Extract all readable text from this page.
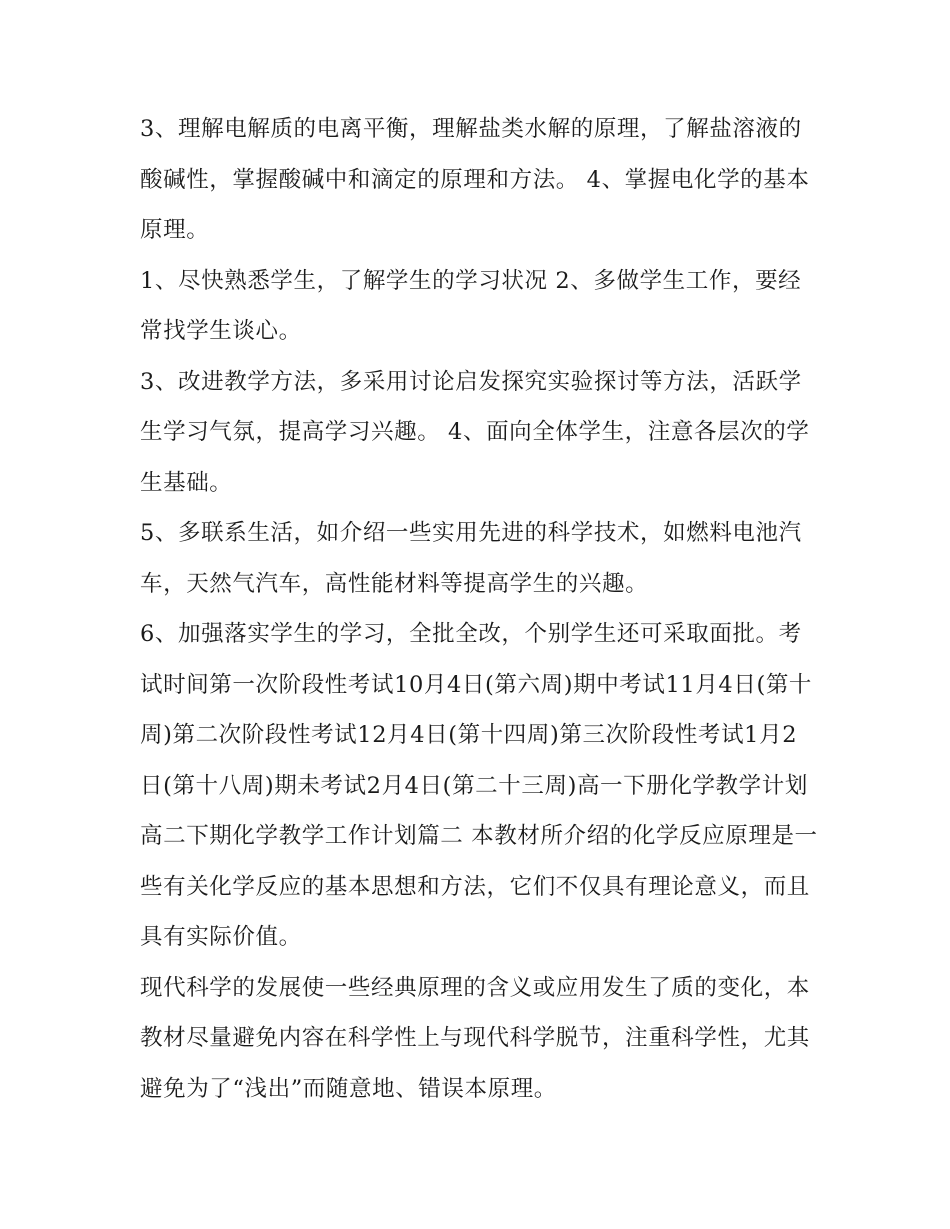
3、理解电解质的电离平衡，理解盐类水解的原理，了解盐溶液的酸碱性，掌握酸碱中和滴定的原理和方法。 4、掌握电化学的基本原理。

1、尽快熟悉学生，了解学生的学习状况 2、多做学生工作，要经常找学生谈心。

3、改进教学方法，多采用讨论启发探究实验探讨等方法，活跃学生学习气氛，提高学习兴趣。 4、面向全体学生，注意各层次的学生基础。

5、多联系生活，如介绍一些实用先进的科学技术，如燃料电池汽车，天然气汽车，高性能材料等提高学生的兴趣。

6、加强落实学生的学习，全批全改，个别学生还可采取面批。考试时间第一次阶段性考试10月4日(第六周)期中考试11月4日(第十周)第二次阶段性考试12月4日(第十四周)第三次阶段性考试1月2日(第十八周)期未考试2月4日(第二十三周)高一下册化学教学计划 高二下期化学教学工作计划篇二 本教材所介绍的化学反应原理是一些有关化学反应的基本思想和方法，它们不仅具有理论意义，而且具有实际价值。

现代科学的发展使一些经典原理的含义或应用发生了质的变化，本教材尽量避免内容在科学性上与现代科学脱节，注重科学性，尤其避免为了“浅出”而随意地、错误本原理。
